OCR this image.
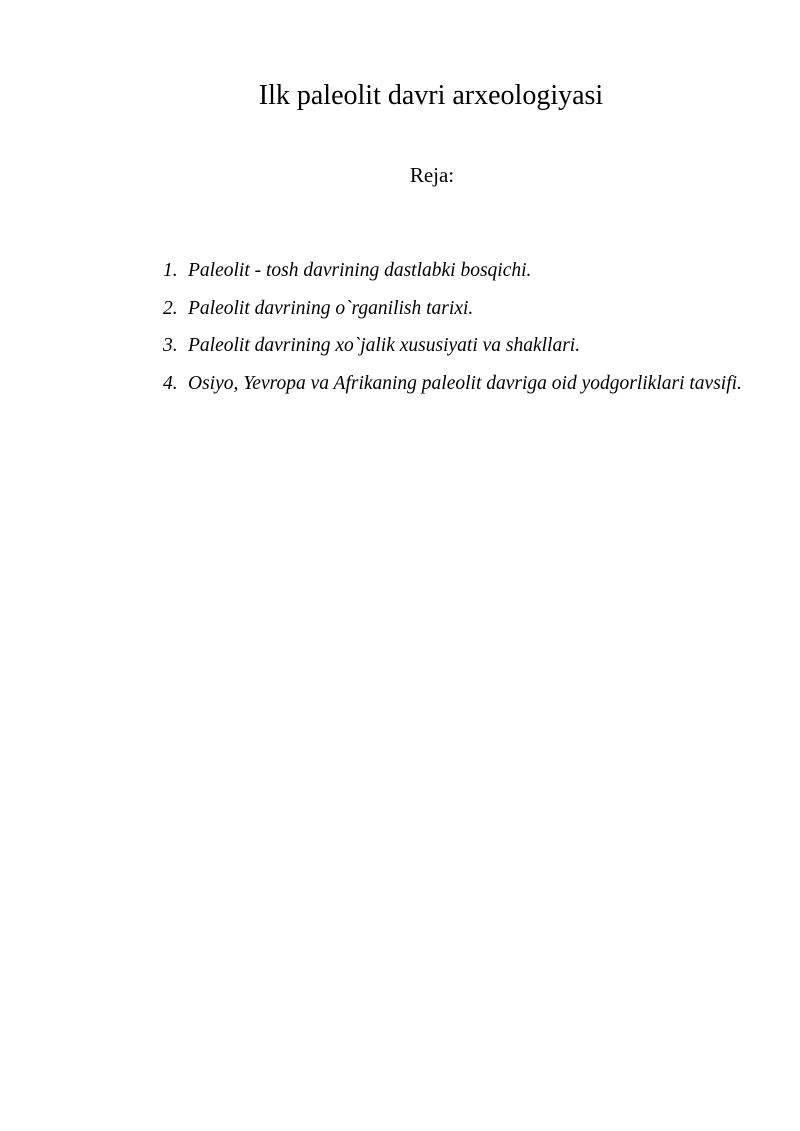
Ilk paleolit davri arxeologiyasi
Reja:
1. Paleolit - tosh davrining dastlabki bosqichi.
2. Paleolit davrining o`rganilish tarixi.
3. Paleolit davrining xo`jalik xususiyati va shakllari.
4. Osiyo, Yevropa va Afrikaning paleolit davriga oid yodgorliklari tavsifi.
